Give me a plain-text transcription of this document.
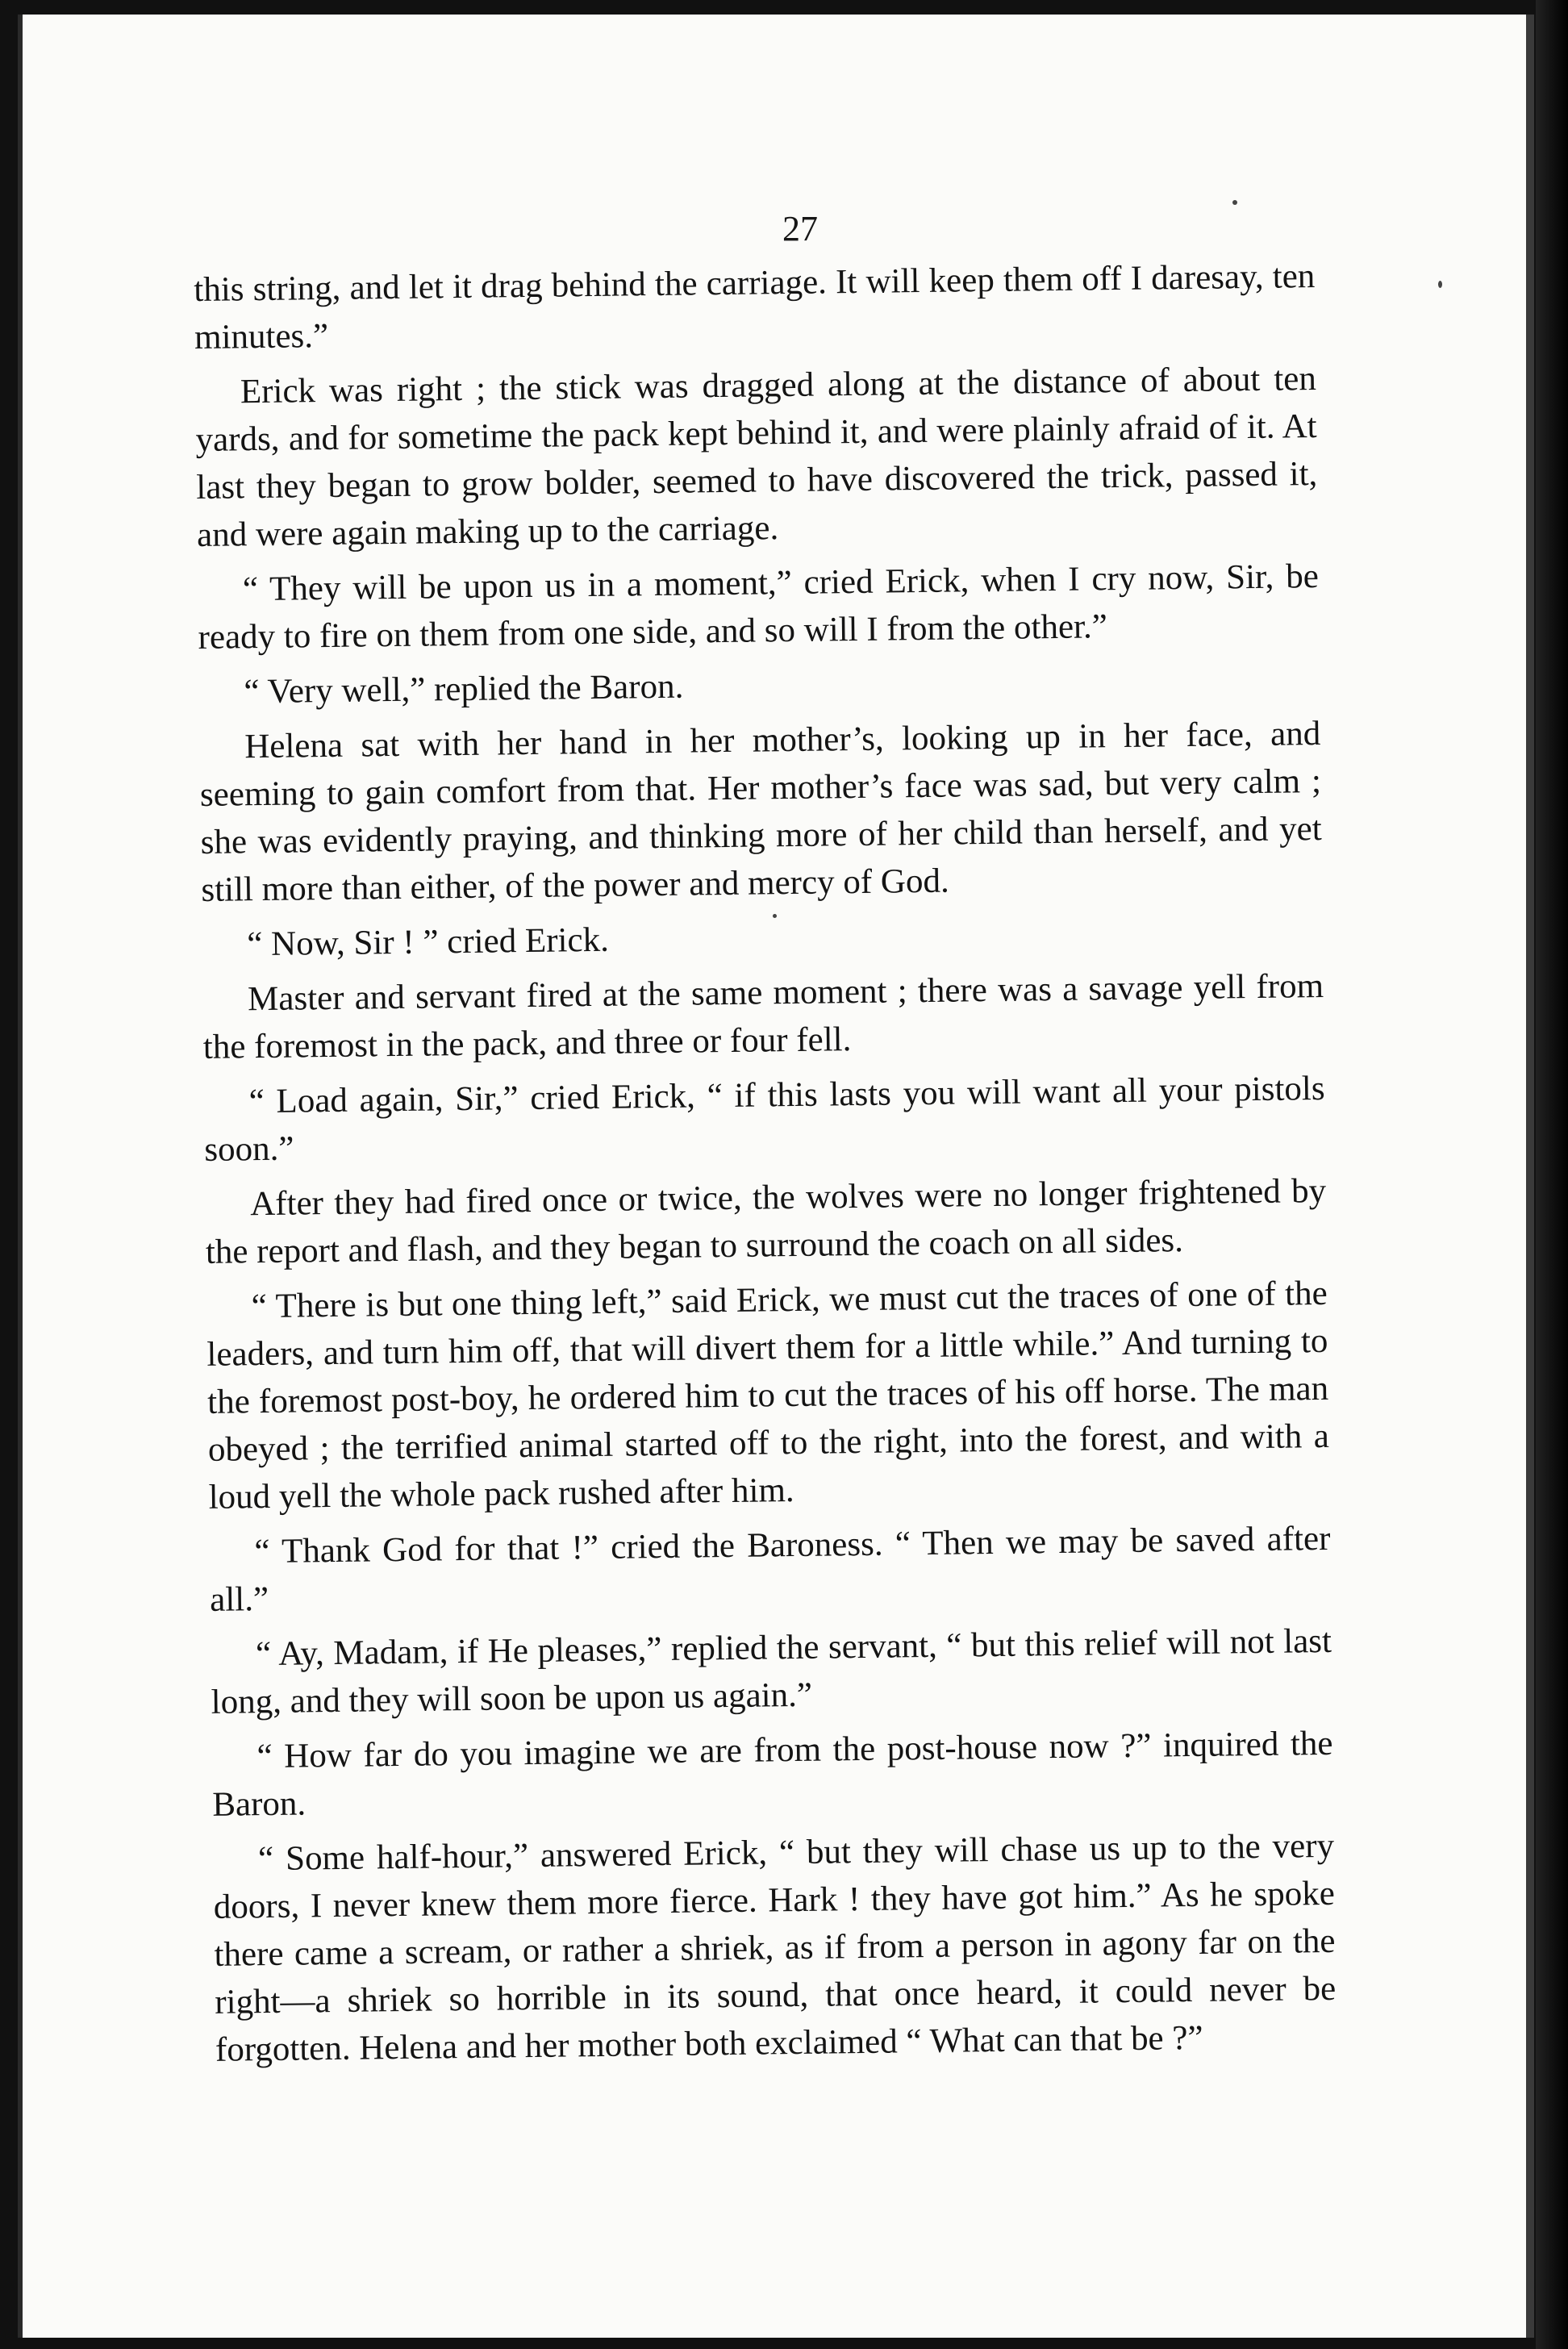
27

this string, and let it drag behind the carriage. It will keep them off I daresay, ten minutes.”

Erick was right ; the stick was dragged along at the distance of about ten yards, and for sometime the pack kept behind it, and were plainly afraid of it. At last they began to grow bolder, seemed to have discovered the trick, passed it, and were again making up to the carriage.

“ They will be upon us in a moment,” cried Erick, when I cry now, Sir, be ready to fire on them from one side, and so will I from the other.”

“ Very well,” replied the Baron.

Helena sat with her hand in her mother’s, looking up in her face, and seeming to gain comfort from that. Her mother’s face was sad, but very calm ; she was evidently praying, and thinking more of her child than herself, and yet still more than either, of the power and mercy of God.

“ Now, Sir ! ” cried Erick.

Master and servant fired at the same moment ; there was a savage yell from the foremost in the pack, and three or four fell.

“ Load again, Sir,” cried Erick, “ if this lasts you will want all your pistols soon.”

After they had fired once or twice, the wolves were no longer frightened by the report and flash, and they began to surround the coach on all sides.

“ There is but one thing left,” said Erick, we must cut the traces of one of the leaders, and turn him off, that will divert them for a little while.” And turning to the foremost post-boy, he ordered him to cut the traces of his off horse. The man obeyed ; the terrified animal started off to the right, into the forest, and with a loud yell the whole pack rushed after him.

“ Thank God for that !” cried the Baroness. “ Then we may be saved after all.”

“ Ay, Madam, if He pleases,” replied the servant, “ but this relief will not last long, and they will soon be upon us again.”

“ How far do you imagine we are from the post-house now ?” inquired the Baron.

“ Some half-hour,” answered Erick, “ but they will chase us up to the very doors, I never knew them more fierce. Hark ! they have got him.” As he spoke there came a scream, or rather a shriek, as if from a person in agony far on the right—a shriek so horrible in its sound, that once heard, it could never be forgotten. Helena and her mother both exclaimed “ What can that be ?”
